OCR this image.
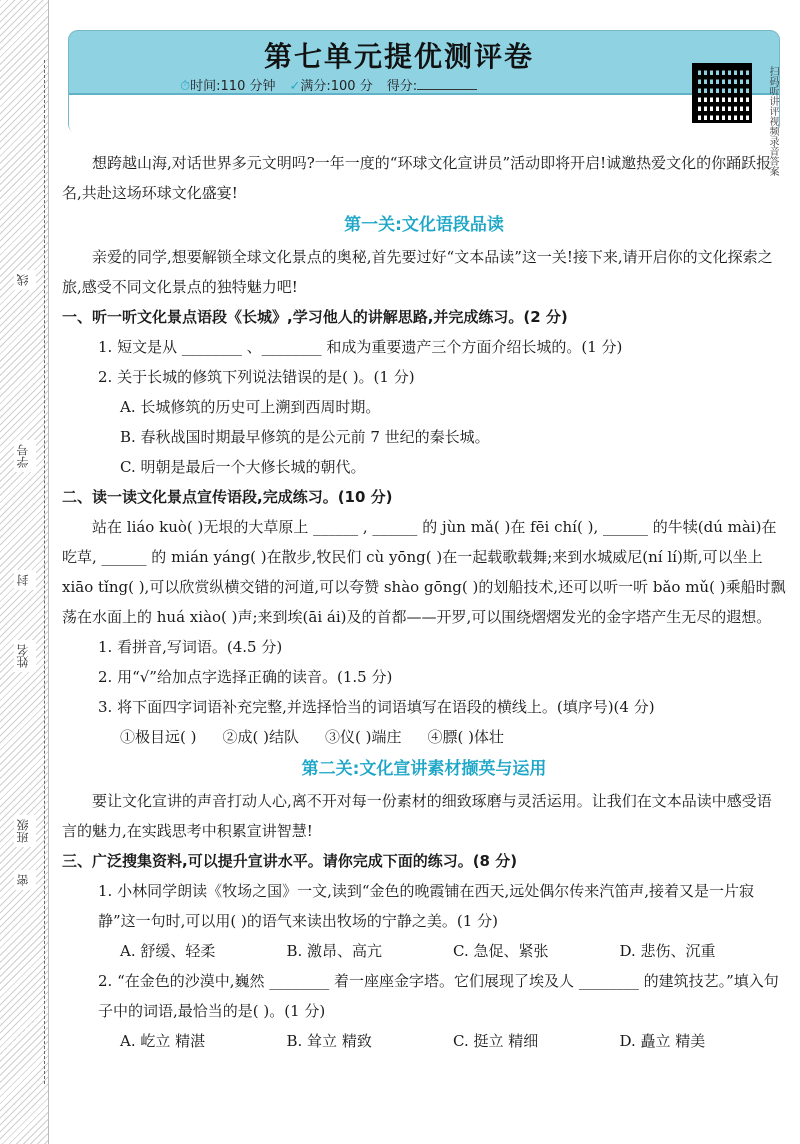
线
学号
封
姓名
班级
密
第七单元提优测评卷
⏱时间:110 分钟 ✓满分:100 分 得分:	扫码听讲评视频录音答案

想跨越山海,对话世界多元文明吗?一年一度的“环球文化宣讲员”活动即将开启!诚邀热爱文化的你踊跃报名,共赴这场环球文化盛宴!

第一关:文化语段品读

亲爱的同学,想要解锁全球文化景点的奥秘,首先要过好“文本品读”这一关!接下来,请开启你的文化探索之旅,感受不同文化景点的独特魅力吧!

一、听一听文化景点语段《长城》,学习他人的讲解思路,并完成练习。(2 分)

1. 短文是从 ________ 、________ 和成为重要遗产三个方面介绍长城的。(1 分)

2. 关于长城的修筑下列说法错误的是( )。(1 分)

A. 长城修筑的历史可上溯到西周时期。

B. 春秋战国时期最早修筑的是公元前 7 世纪的秦长城。

C. 明朝是最后一个大修长城的朝代。

二、读一读文化景点宣传语段,完成练习。(10 分)

站在 liáo kuò( )无垠的大草原上 ______ , ______ 的 jùn mǎ( )在 fēi chí( ), ______ 的牛犊(dú mài)在吃草, ______ 的 mián yáng( )在散步,牧民们 cù yōng( )在一起载歌载舞;来到水城威尼(ní lí)斯,可以坐上 xiāo tǐng( ),可以欣赏纵横交错的河道,可以夸赞 shào gōng( )的划船技术,还可以听一听 bǎo mǔ( )乘船时飘荡在水面上的 huá xiào( )声;来到埃(āi ái)及的首都——开罗,可以围绕熠熠发光的金字塔产生无尽的遐想。

1. 看拼音,写词语。(4.5 分)

2. 用“√”给加点字选择正确的读音。(1.5 分)

3. 将下面四字词语补充完整,并选择恰当的词语填写在语段的横线上。(填序号)(4 分)

①极目远( ) ②成( )结队 ③仪( )端庄 ④膘( )体壮
第二关:文化宣讲素材撷英与运用

要让文化宣讲的声音打动人心,离不开对每一份素材的细致琢磨与灵活运用。让我们在文本品读中感受语言的魅力,在实践思考中积累宣讲智慧!

三、广泛搜集资料,可以提升宣讲水平。请你完成下面的练习。(8 分)

1. 小林同学朗读《牧场之国》一文,读到“金色的晚霞铺在西天,远处偶尔传来汽笛声,接着又是一片寂静”这一句时,可以用( )的语气来读出牧场的宁静之美。(1 分)

A. 舒缓、轻柔	B. 激昂、高亢	C. 急促、紧张	D. 悲伤、沉重

2. “在金色的沙漠中,巍然 ________ 着一座座金字塔。它们展现了埃及人 ________ 的建筑技艺。”填入句子中的词语,最恰当的是( )。(1 分)

A. 屹立 精湛	B. 耸立 精致	C. 挺立 精细	D. 矗立 精美
